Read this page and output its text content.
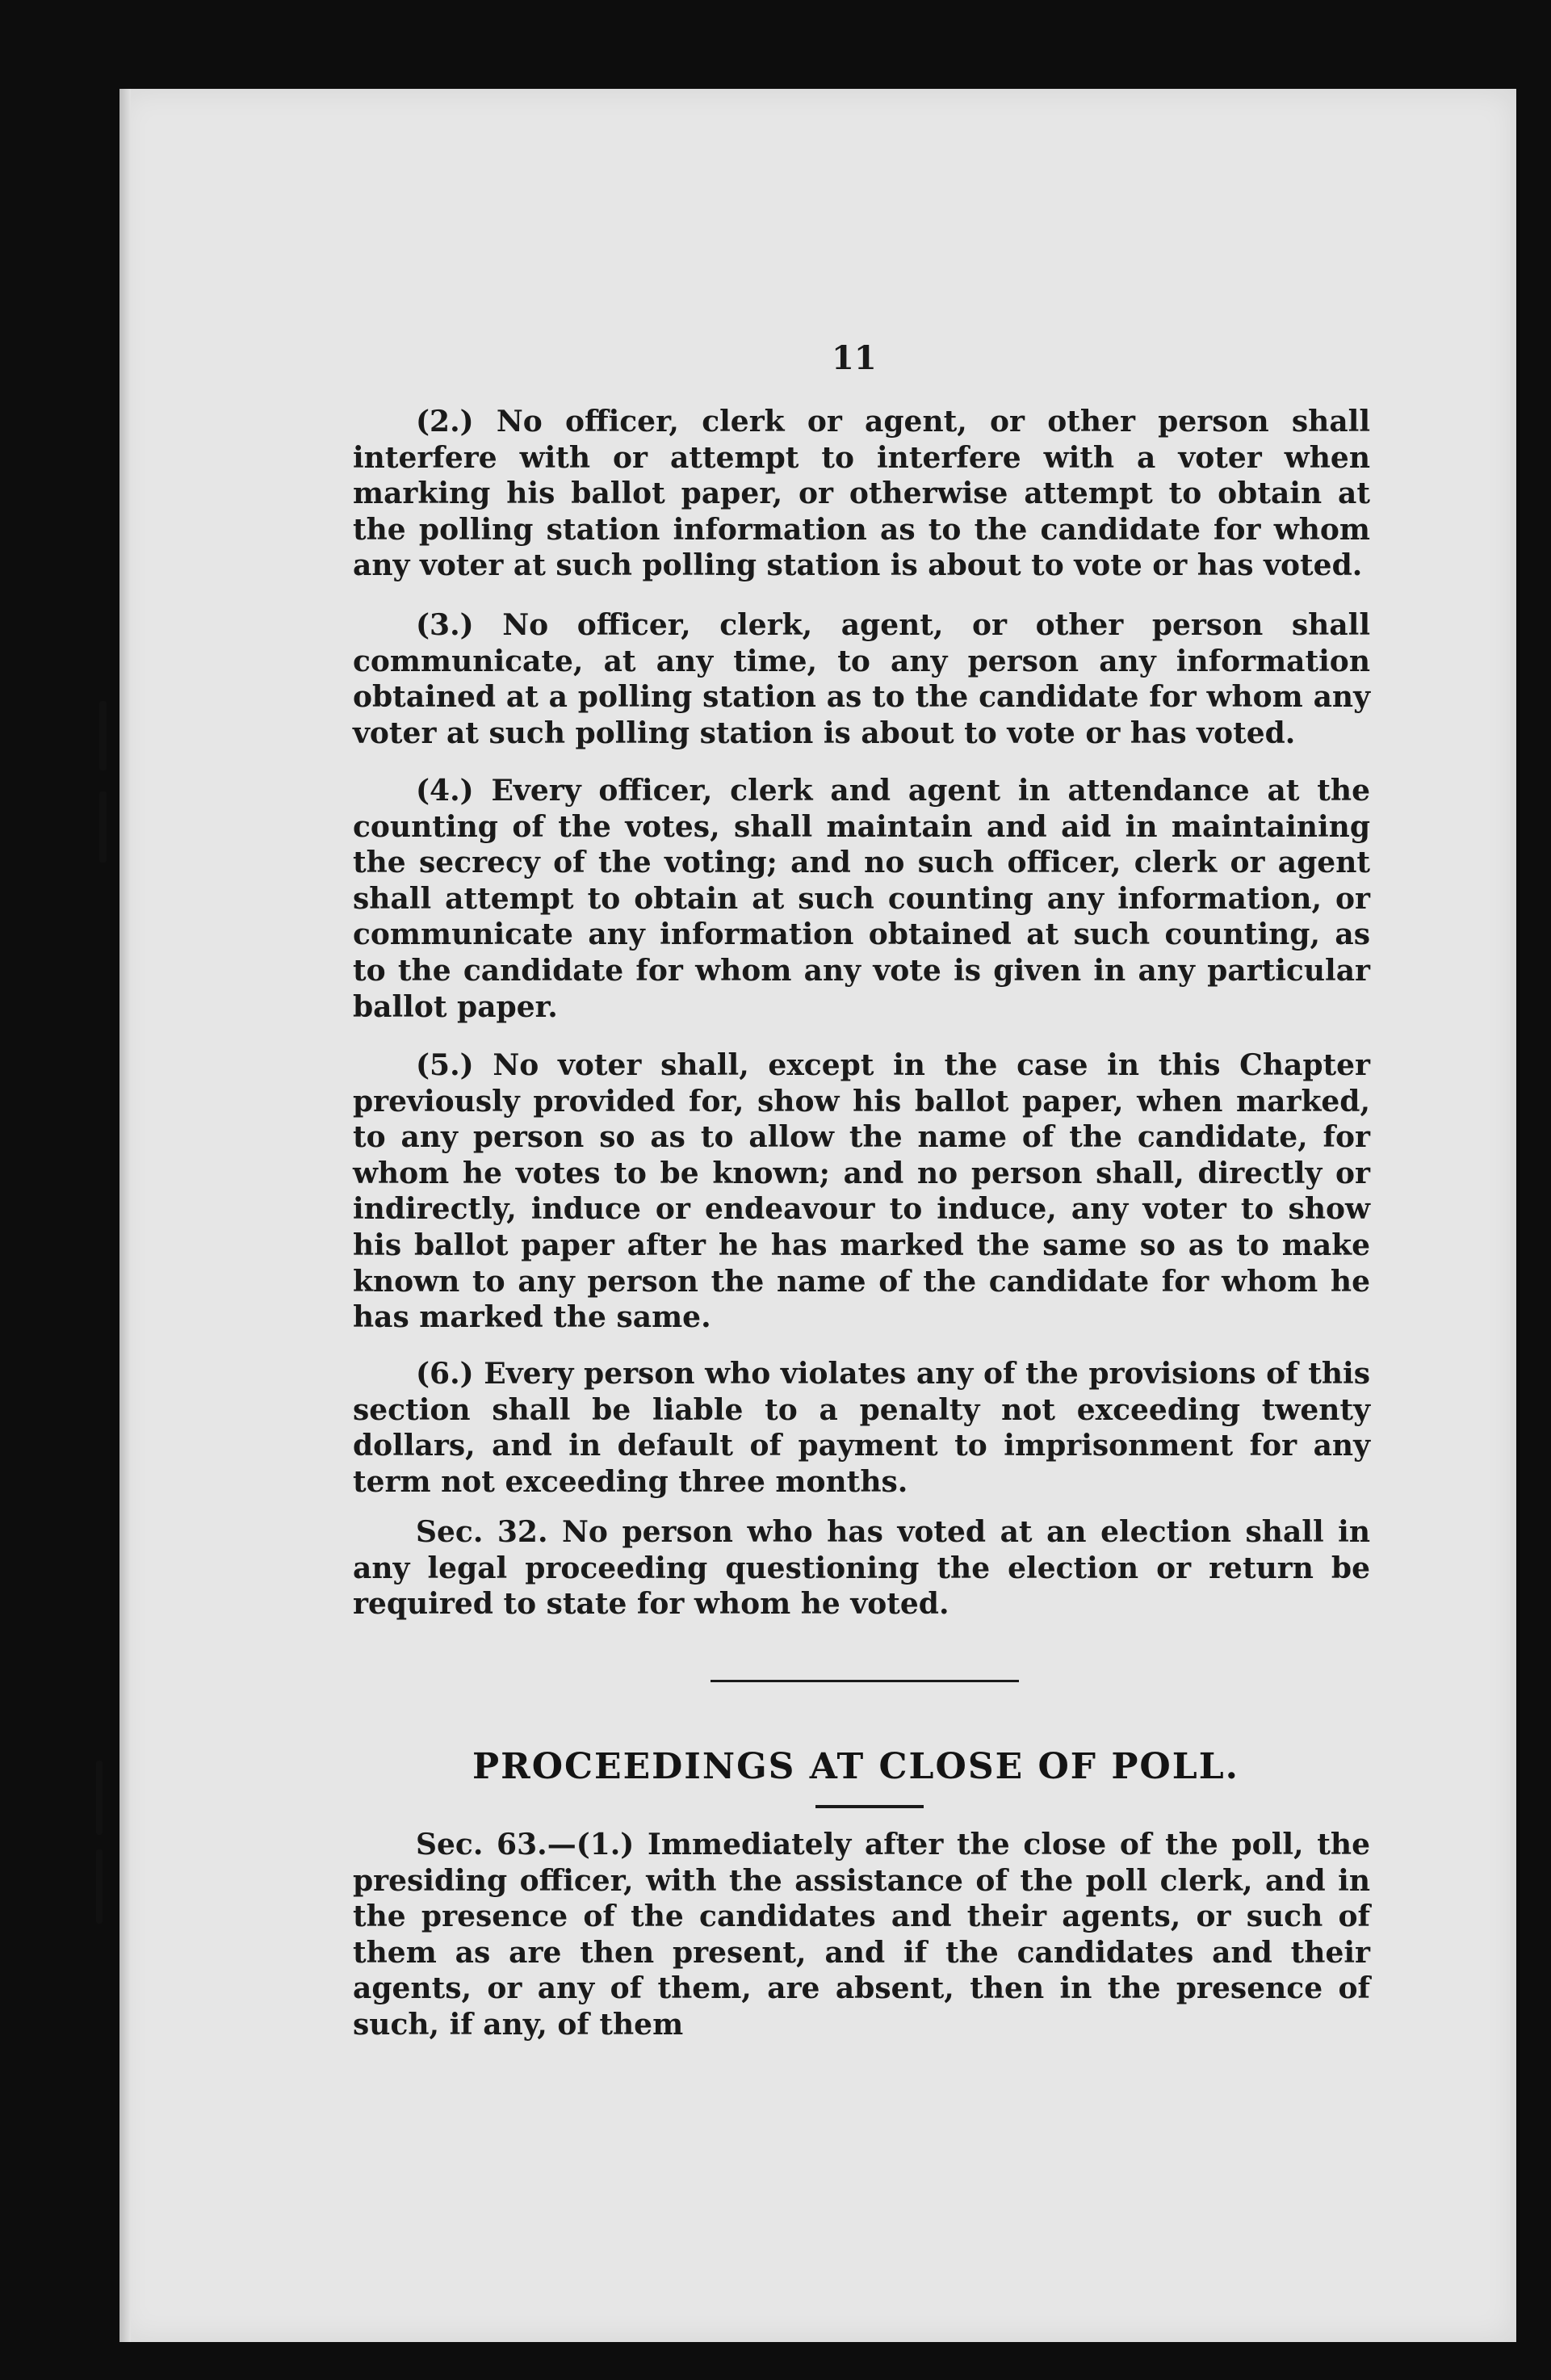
11

(2.) No officer, clerk or agent, or other person shall interfere with or attempt to interfere with a voter when marking his ballot paper, or otherwise attempt to obtain at the polling station information as to the candidate for whom any voter at such polling station is about to vote or has voted.

(3.) No officer, clerk, agent, or other person shall communicate, at any time, to any person any information obtained at a polling station as to the candidate for whom any voter at such polling station is about to vote or has voted.

(4.) Every officer, clerk and agent in attendance at the counting of the votes, shall maintain and aid in maintaining the secrecy of the voting; and no such officer, clerk or agent shall attempt to obtain at such counting any information, or communicate any information obtained at such counting, as to the candidate for whom any vote is given in any particular ballot paper.

(5.) No voter shall, except in the case in this Chapter previously provided for, show his ballot paper, when marked, to any person so as to allow the name of the candidate, for whom he votes to be known; and no person shall, directly or indirectly, induce or endeavour to induce, any voter to show his ballot paper after he has marked the same so as to make known to any person the name of the candidate for whom he has marked the same.

(6.) Every person who violates any of the provisions of this section shall be liable to a penalty not exceeding twenty dollars, and in default of payment to imprisonment for any term not exceeding three months.

Sec. 32. No person who has voted at an election shall in any legal proceeding questioning the election or return be required to state for whom he voted.

Sec. 63.—(1.) Immediately after the close of the poll, the presiding officer, with the assistance of the poll clerk, and in the presence of the candidates and their agents, or such of them as are then present, and if the candidates and their agents, or any of them, are absent, then in the presence of such, if any, of them

PROCEEDINGS AT CLOSE OF POLL.
